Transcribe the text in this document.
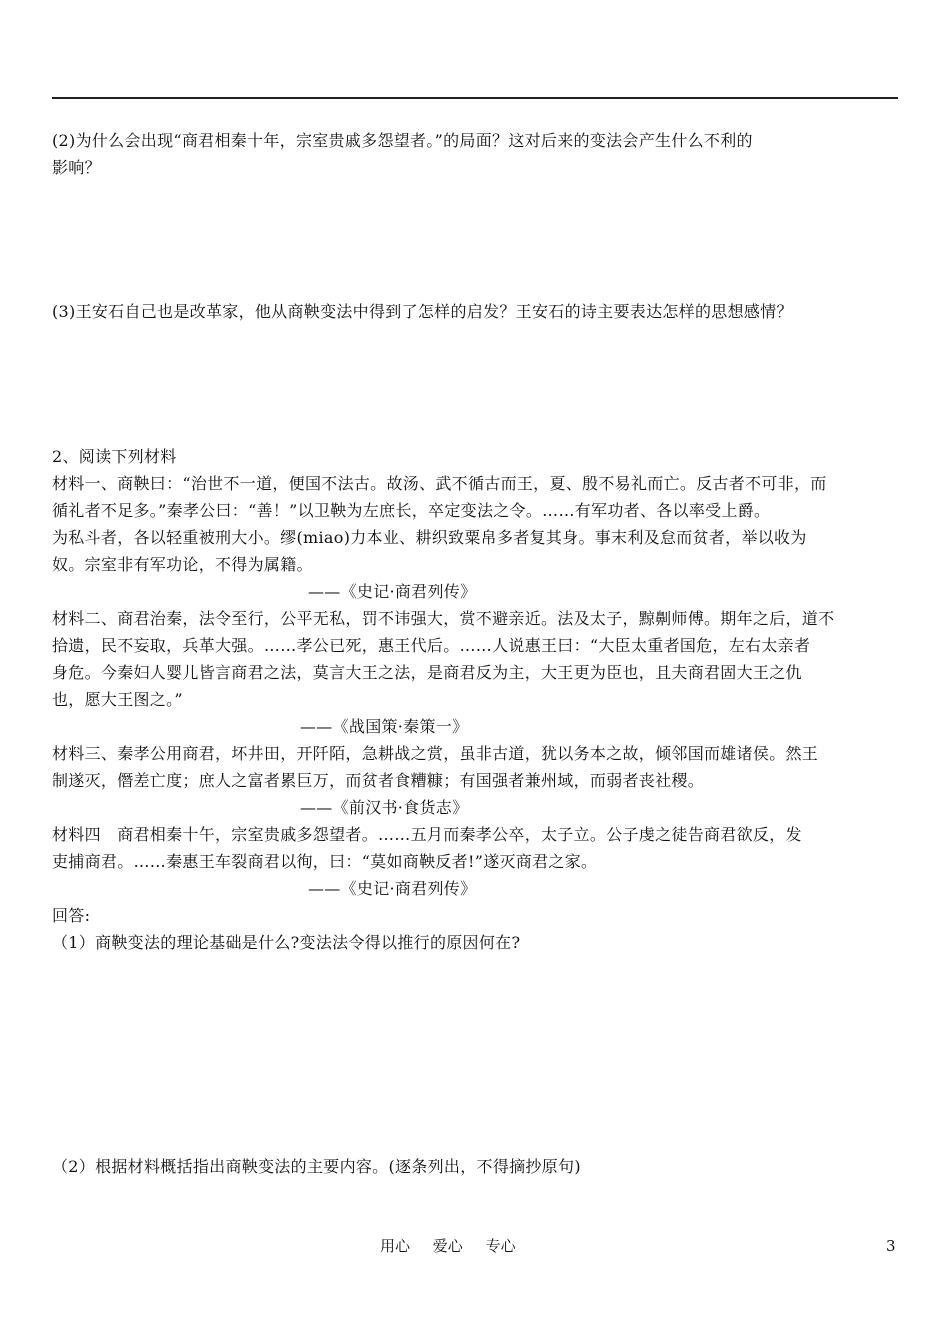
(2)为什么会出现“商君相秦十年，宗室贵戚多怨望者。”的局面？这对后来的变法会产生什么不利的
影响？
(3)王安石自己也是改革家，他从商鞅变法中得到了怎样的启发？王安石的诗主要表达怎样的思想感情？
2、阅读下列材料
材料一、商鞅曰：“治世不一道，便国不法古。故汤、武不循古而王，夏、殷不易礼而亡。反古者不可非，而
循礼者不足多。”秦孝公曰：“善！”以卫鞅为左庶长，卒定变法之令。……有军功者、各以率受上爵。
为私斗者，各以轻重被刑大小。缪(miao)力本业、耕织致粟帛多者复其身。事末利及怠而贫者，举以收为
奴。宗室非有军功论，不得为属籍。
——《史记·商君列传》
材料二、商君治秦，法令至行，公平无私，罚不讳强大，赏不避亲近。法及太子，黥劓师傅。期年之后，道不
拾遗，民不妄取，兵革大强。……孝公已死，惠王代后。……人说惠王曰：“大臣太重者国危，左右太亲者
身危。今秦妇人婴儿皆言商君之法，莫言大王之法，是商君反为主，大王更为臣也，且夫商君固大王之仇
也，愿大王图之。”
——《战国策·秦策一》
材料三、秦孝公用商君，坏井田，开阡陌，急耕战之赏，虽非古道，犹以务本之故，倾邻国而雄诸侯。然王
制遂灭，僭差亡度；庶人之富者累巨万，而贫者食糟糠；有国强者兼州域，而弱者丧社稷。
——《前汉书·食货志》
材料四　商君相秦十午，宗室贵戚多怨望者。……五月而秦孝公卒，太子立。公子虔之徒告商君欲反，发
吏捕商君。……秦惠王车裂商君以徇，曰：“莫如商鞅反者!”遂灭商君之家。
——《史记·商君列传》
回答:
（1）商鞅变法的理论基础是什么?变法法令得以推行的原因何在?
（2）根据材料概括指出商鞅变法的主要内容。(逐条列出，不得摘抄原句)
用心 爱心 专心	3
